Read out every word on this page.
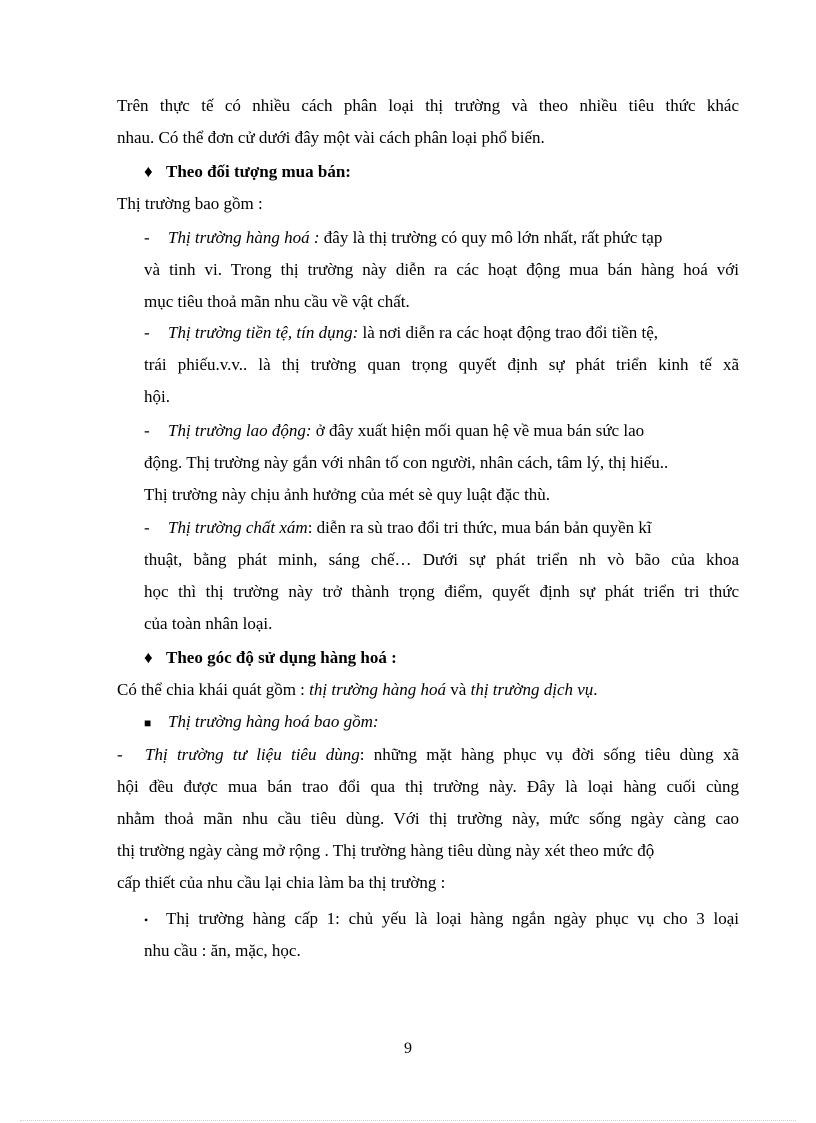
Trên thực tế có nhiều cách phân loại thị trường và theo nhiều tiêu thức khác
nhau. Có thể đơn cử dưới đây một vài cách phân loại phổ biến.
♦ Theo đối tượng mua bán:
Thị trường bao gồm :
- Thị trường hàng hoá : đây là thị trường có quy mô lớn nhất, rất phức tạp
và tinh vi. Trong thị trường này diễn ra các hoạt động mua bán hàng hoá với
mục tiêu thoả mãn nhu cầu về vật chất.
- Thị trường tiền tệ, tín dụng: là nơi diễn ra các hoạt động trao đổi tiền tệ,
trái phiếu.v.v.. là thị trường quan trọng quyết định sự phát triển kinh tế xã
hội.
- Thị trường lao động: ở đây xuất hiện mối quan hệ về mua bán sức lao
động. Thị trường này gắn với nhân tố con người, nhân cách, tâm lý, thị hiếu..
Thị trường này chịu ảnh hưởng của mét sè quy luật đặc thù.
- Thị trường chất xám: diễn ra sù trao đổi tri thức, mua bán bản quyền kĩ
thuật, bằng phát minh, sáng chế… Dưới sự phát triển nh vò bão của khoa
học thì thị trường này trở thành trọng điểm, quyết định sự phát triển tri thức
của toàn nhân loại.
♦ Theo góc độ sử dụng hàng hoá :
Có thể chia khái quát gồm : thị trường hàng hoá và thị trường dịch vụ.
■ Thị trường hàng hoá bao gồm:
- Thị trường tư liệu tiêu dùng: những mặt hàng phục vụ đời sống tiêu dùng xã
hội đều được mua bán trao đổi qua thị trường này. Đây là loại hàng cuối cùng
nhằm thoả mãn nhu cầu tiêu dùng. Với thị trường này, mức sống ngày càng cao
thị trường ngày càng mở rộng . Thị trường hàng tiêu dùng này xét theo mức độ
cấp thiết của nhu cầu lại chia làm ba thị trường :
• Thị trường hàng cấp 1: chủ yếu là loại hàng ngắn ngày phục vụ cho 3 loại
nhu cầu : ăn, mặc, học.
9
